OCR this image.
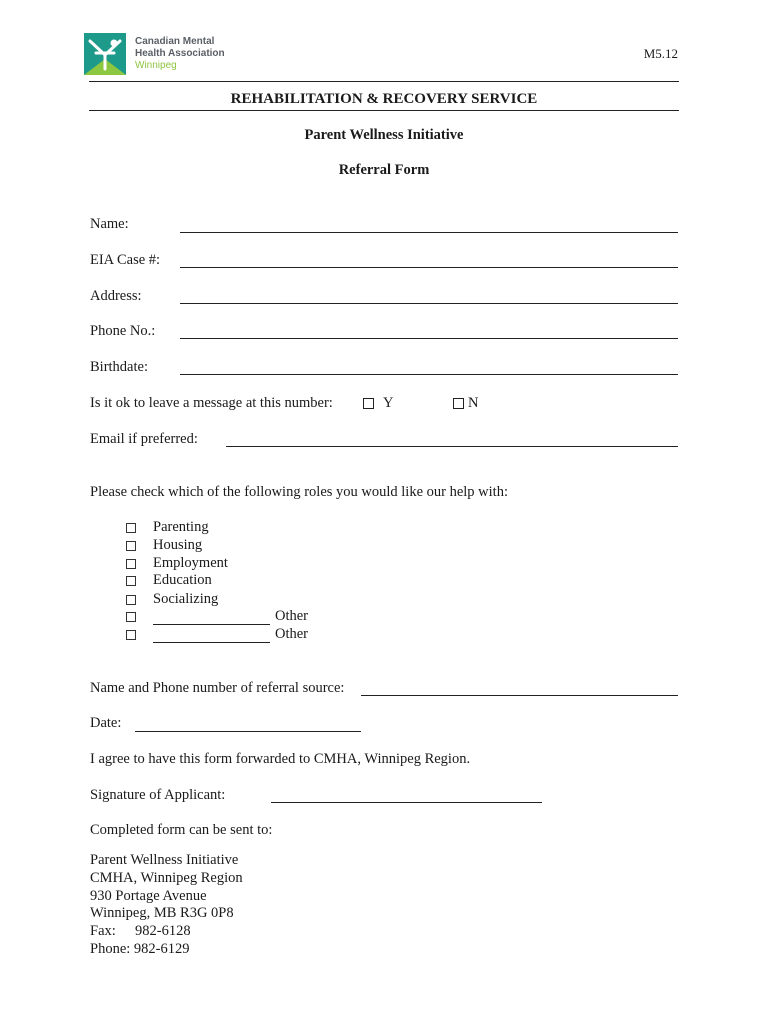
Canadian Mental
Health Association
Winnipeg
M5.12
REHABILITATION & RECOVERY SERVICE
Parent Wellness Initiative
Referral Form
Name:
EIA Case #:
Address:
Phone No.:
Birthdate:
Is it ok to leave a message at this number:	Y	N
Email if preferred:
Please check which of the following roles you would like our help with:
Parenting
Housing
Employment
Education
Socializing
Other
Other
Name and Phone number of referral source:
Date:
I agree to have this form forwarded to CMHA, Winnipeg Region.
Signature of Applicant:
Completed form can be sent to:
Parent Wellness Initiative
CMHA, Winnipeg Region
930 Portage Avenue
Winnipeg, MB R3G 0P8
Fax: 982-6128
Phone: 982-6129
